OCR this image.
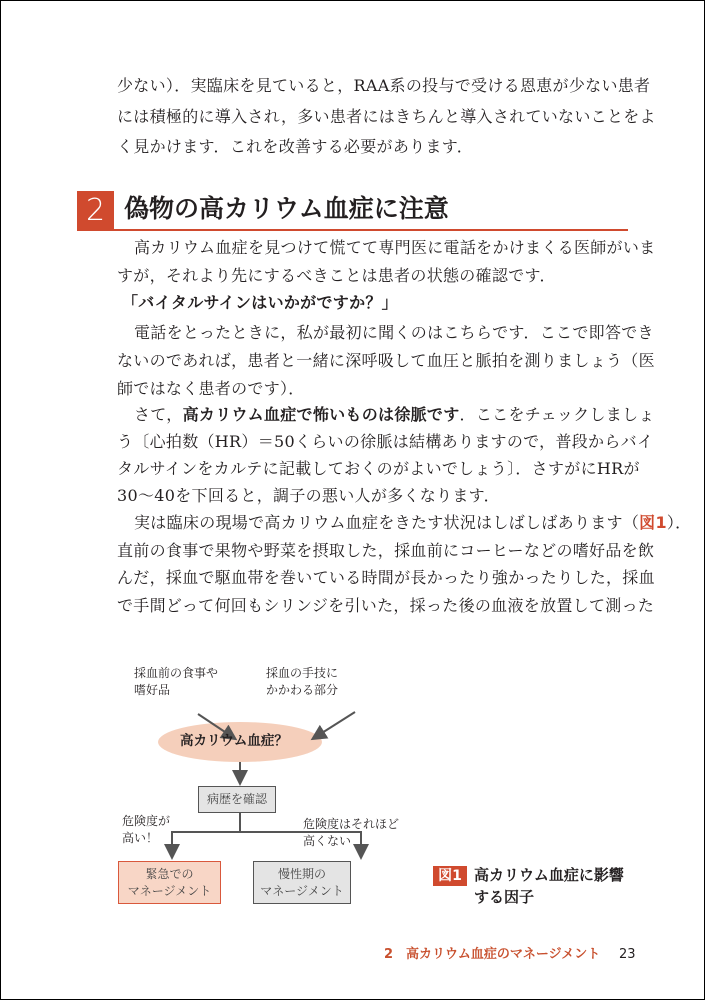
少ない）．実臨床を見ていると，RAA系の投与で受ける恩恵が少ない患者
には積極的に導入され，多い患者にはきちんと導入されていないことをよ
く見かけます．これを改善する必要があります．
2 偽物の高カリウム血症に注意
高カリウム血症を見つけて慌てて専門医に電話をかけまくる医師がいま
すが，それより先にするべきことは患者の状態の確認です．
「バイタルサインはいかがですか？」
電話をとったときに，私が最初に聞くのはこちらです．ここで即答でき
ないのであれば，患者と一緒に深呼吸して血圧と脈拍を測りましょう（医
師ではなく患者のです）．
さて，高カリウム血症で怖いものは徐脈です．ここをチェックしましょ
う〔心拍数（HR）＝50くらいの徐脈は結構ありますので，普段からバイ
タルサインをカルテに記載しておくのがよいでしょう〕．さすがにHRが
30〜40を下回ると，調子の悪い人が多くなります．
実は臨床の現場で高カリウム血症をきたす状況はしばしばあります（図1）．
直前の食事で果物や野菜を摂取した，採血前にコーヒーなどの嗜好品を飲
んだ，採血で駆血帯を巻いている時間が長かったり強かったりした，採血
で手間どって何回もシリンジを引いた，採った後の血液を放置して測った
採血前の食事や
嗜好品
採血の手技に
かかわる部分
高カリウム血症？
病歴を確認
危険度が
高い！
危険度はそれほど
高くない
緊急での
マネージメント
慢性期の
マネージメント
図1 高カリウム血症に影響
する因子
2　高カリウム血症のマネージメント 23
